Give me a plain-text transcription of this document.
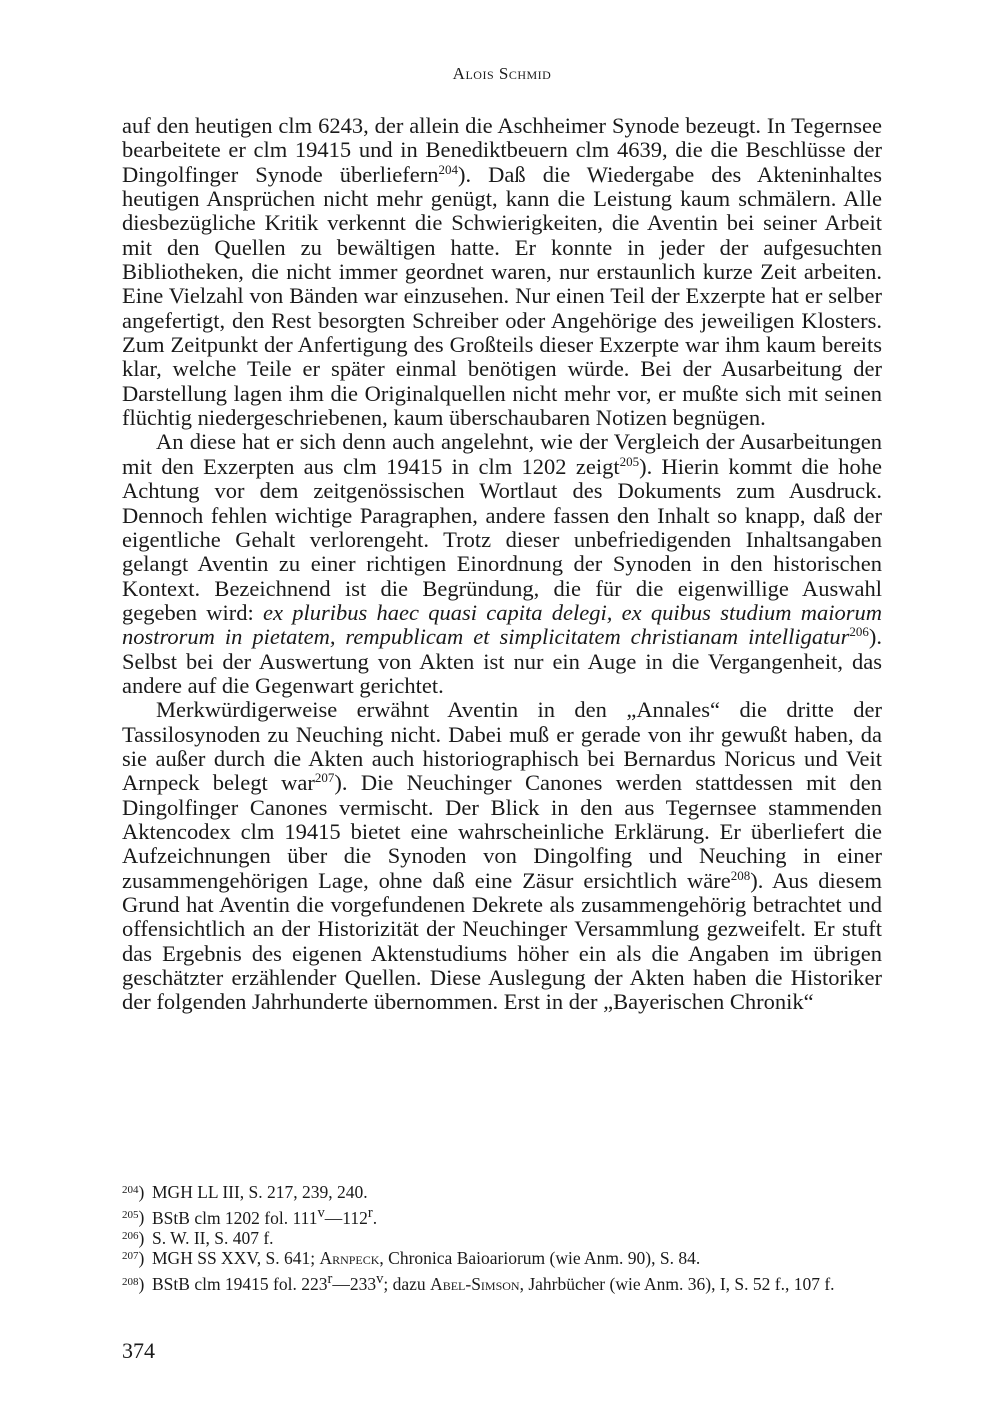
Alois Schmid

auf den heutigen clm 6243, der allein die Aschheimer Synode bezeugt. In Tegernsee bearbeitete er clm 19415 und in Benediktbeuern clm 4639, die die Beschlüsse der Dingolfinger Synode überliefern$^{204}$). Daß die Wiedergabe des Akteninhaltes heutigen Ansprüchen nicht mehr genügt, kann die Leistung kaum schmälern. Alle diesbezügliche Kritik verkennt die Schwierigkeiten, die Aventin bei seiner Arbeit mit den Quellen zu bewältigen hatte. Er konnte in jeder der aufgesuchten Bibliotheken, die nicht immer geordnet waren, nur erstaunlich kurze Zeit arbeiten. Eine Vielzahl von Bänden war einzusehen. Nur einen Teil der Exzerpte hat er selber angefertigt, den Rest besorgten Schreiber oder Angehörige des jeweiligen Klosters. Zum Zeitpunkt der Anfertigung des Großteils dieser Exzerpte war ihm kaum bereits klar, welche Teile er später einmal benötigen würde. Bei der Ausarbeitung der Darstellung lagen ihm die Originalquellen nicht mehr vor, er mußte sich mit seinen flüchtig niedergeschriebenen, kaum überschaubaren Notizen begnügen.

An diese hat er sich denn auch angelehnt, wie der Vergleich der Ausarbeitungen mit den Exzerpten aus clm 19415 in clm 1202 zeigt$^{205}$). Hierin kommt die hohe Achtung vor dem zeitgenössischen Wortlaut des Dokuments zum Ausdruck. Dennoch fehlen wichtige Paragraphen, andere fassen den Inhalt so knapp, daß der eigentliche Gehalt verlorengeht. Trotz dieser unbefriedigenden Inhaltsangaben gelangt Aventin zu einer richtigen Einordnung der Synoden in den historischen Kontext. Bezeichnend ist die Begründung, die für die eigenwillige Auswahl gegeben wird: ex pluribus haec quasi capita delegi, ex quibus studium maiorum nostrorum in pietatem, rempublicam et simplicitatem christianam intelligatur$^{206}$). Selbst bei der Auswertung von Akten ist nur ein Auge in die Vergangenheit, das andere auf die Gegenwart gerichtet.

Merkwürdigerweise erwähnt Aventin in den „Annales“ die dritte der Tassilosynoden zu Neuching nicht. Dabei muß er gerade von ihr gewußt haben, da sie außer durch die Akten auch historiographisch bei Bernardus Noricus und Veit Arnpeck belegt war$^{207}$). Die Neuchinger Canones werden stattdessen mit den Dingolfinger Canones vermischt. Der Blick in den aus Tegernsee stammenden Aktencodex clm 19415 bietet eine wahrscheinliche Erklärung. Er überliefert die Aufzeichnungen über die Synoden von Dingolfing und Neuching in einer zusammengehörigen Lage, ohne daß eine Zäsur ersichtlich wäre$^{208}$). Aus diesem Grund hat Aventin die vorgefundenen Dekrete als zusammengehörig betrachtet und offensichtlich an der Historizität der Neuchinger Versammlung gezweifelt. Er stuft das Ergebnis des eigenen Aktenstudiums höher ein als die Angaben im übrigen geschätzter erzählender Quellen. Diese Auslegung der Akten haben die Historiker der folgenden Jahrhunderte übernommen. Erst in der „Bayerischen Chronik“

$^{204}$) MGH LL III, S. 217, 239, 240.

$^{205}$) BStB clm 1202 fol. 111$^v$—112$^r$.

$^{206}$) S. W. II, S. 407 f.

$^{207}$) MGH SS XXV, S. 641; Arnpeck, Chronica Baioariorum (wie Anm. 90), S. 84.

$^{208}$) BStB clm 19415 fol. 223$^r$—233$^v$; dazu Abel-Simson, Jahrbücher (wie Anm. 36), I, S. 52 f., 107 f.

374
